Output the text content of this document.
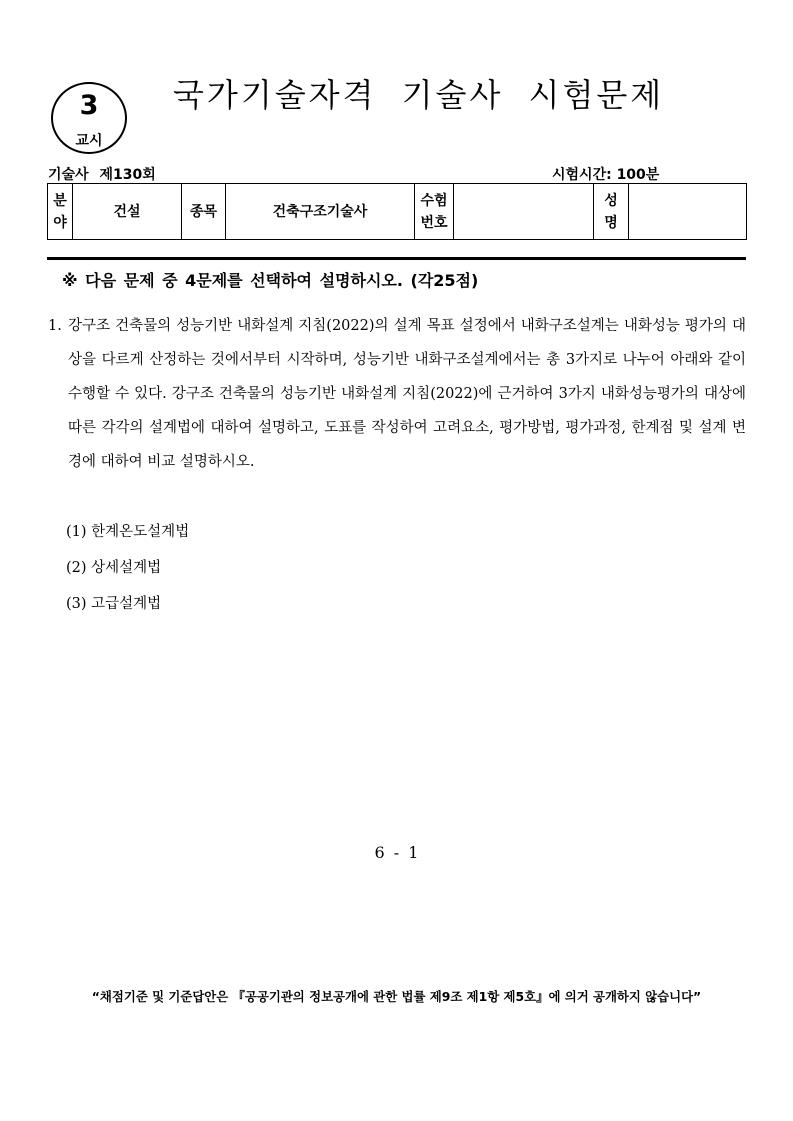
3
교시
국가기술자격 기술사 시험문제
기술사 제130회	시험시간: 100분
분야	건설	종목	건축구조기술사	수험번호		성명	
※ 다음 문제 중 4문제를 선택하여 설명하시오. (각25점)
1. 강구조 건축물의 성능기반 내화설계 지침(2022)의 설계 목표 설정에서 내화구조설계는 내화성능 평가의 대상을 다르게 산정하는 것에서부터 시작하며, 성능기반 내화구조설계에서는 총 3가지로 나누어 아래와 같이 수행할 수 있다. 강구조 건축물의 성능기반 내화설계 지침(2022)에 근거하여 3가지 내화성능평가의 대상에 따른 각각의 설계법에 대하여 설명하고, 도표를 작성하여 고려요소, 평가방법, 평가과정, 한계점 및 설계 변경에 대하여 비교 설명하시오.
(1) 한계온도설계법
(2) 상세설계법
(3) 고급설계법
6 - 1
“채점기준 및 기준답안은 『공공기관의 정보공개에 관한 법률 제9조 제1항 제5호』에 의거 공개하지 않습니다”
